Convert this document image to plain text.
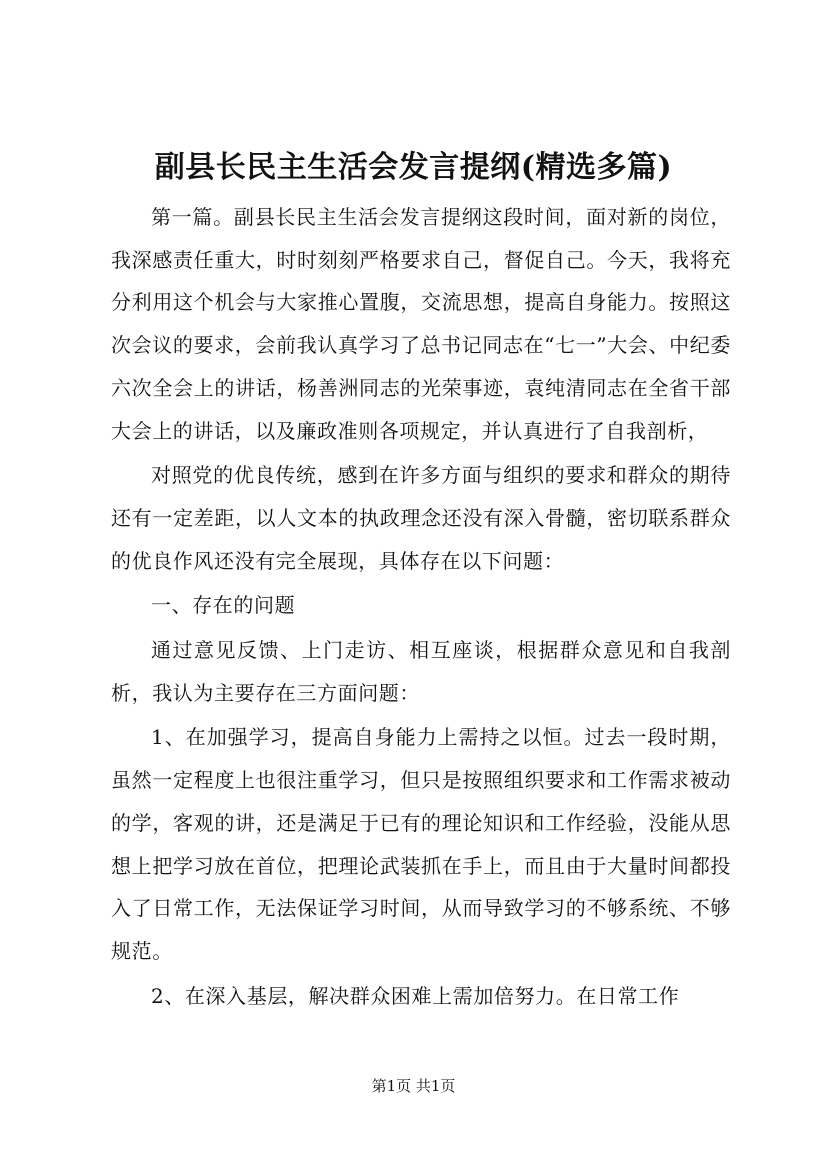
副县长民主生活会发言提纲(精选多篇)

第一篇。副县长民主生活会发言提纲这段时间，面对新的岗位，我深感责任重大，时时刻刻严格要求自己，督促自己。今天，我将充分利用这个机会与大家推心置腹，交流思想，提高自身能力。按照这次会议的要求，会前我认真学习了总书记同志在“七一”大会、中纪委六次全会上的讲话，杨善洲同志的光荣事迹，袁纯清同志在全省干部大会上的讲话，以及廉政准则各项规定，并认真进行了自我剖析，

对照党的优良传统，感到在许多方面与组织的要求和群众的期待还有一定差距，以人文本的执政理念还没有深入骨髓，密切联系群众的优良作风还没有完全展现，具体存在以下问题：

一、存在的问题

通过意见反馈、上门走访、相互座谈，根据群众意见和自我剖析，我认为主要存在三方面问题：

1、在加强学习，提高自身能力上需持之以恒。过去一段时期，虽然一定程度上也很注重学习，但只是按照组织要求和工作需求被动的学，客观的讲，还是满足于已有的理论知识和工作经验，没能从思想上把学习放在首位，把理论武装抓在手上，而且由于大量时间都投入了日常工作，无法保证学习时间，从而导致学习的不够系统、不够规范。

2、在深入基层，解决群众困难上需加倍努力。在日常工作

第1页 共1页
